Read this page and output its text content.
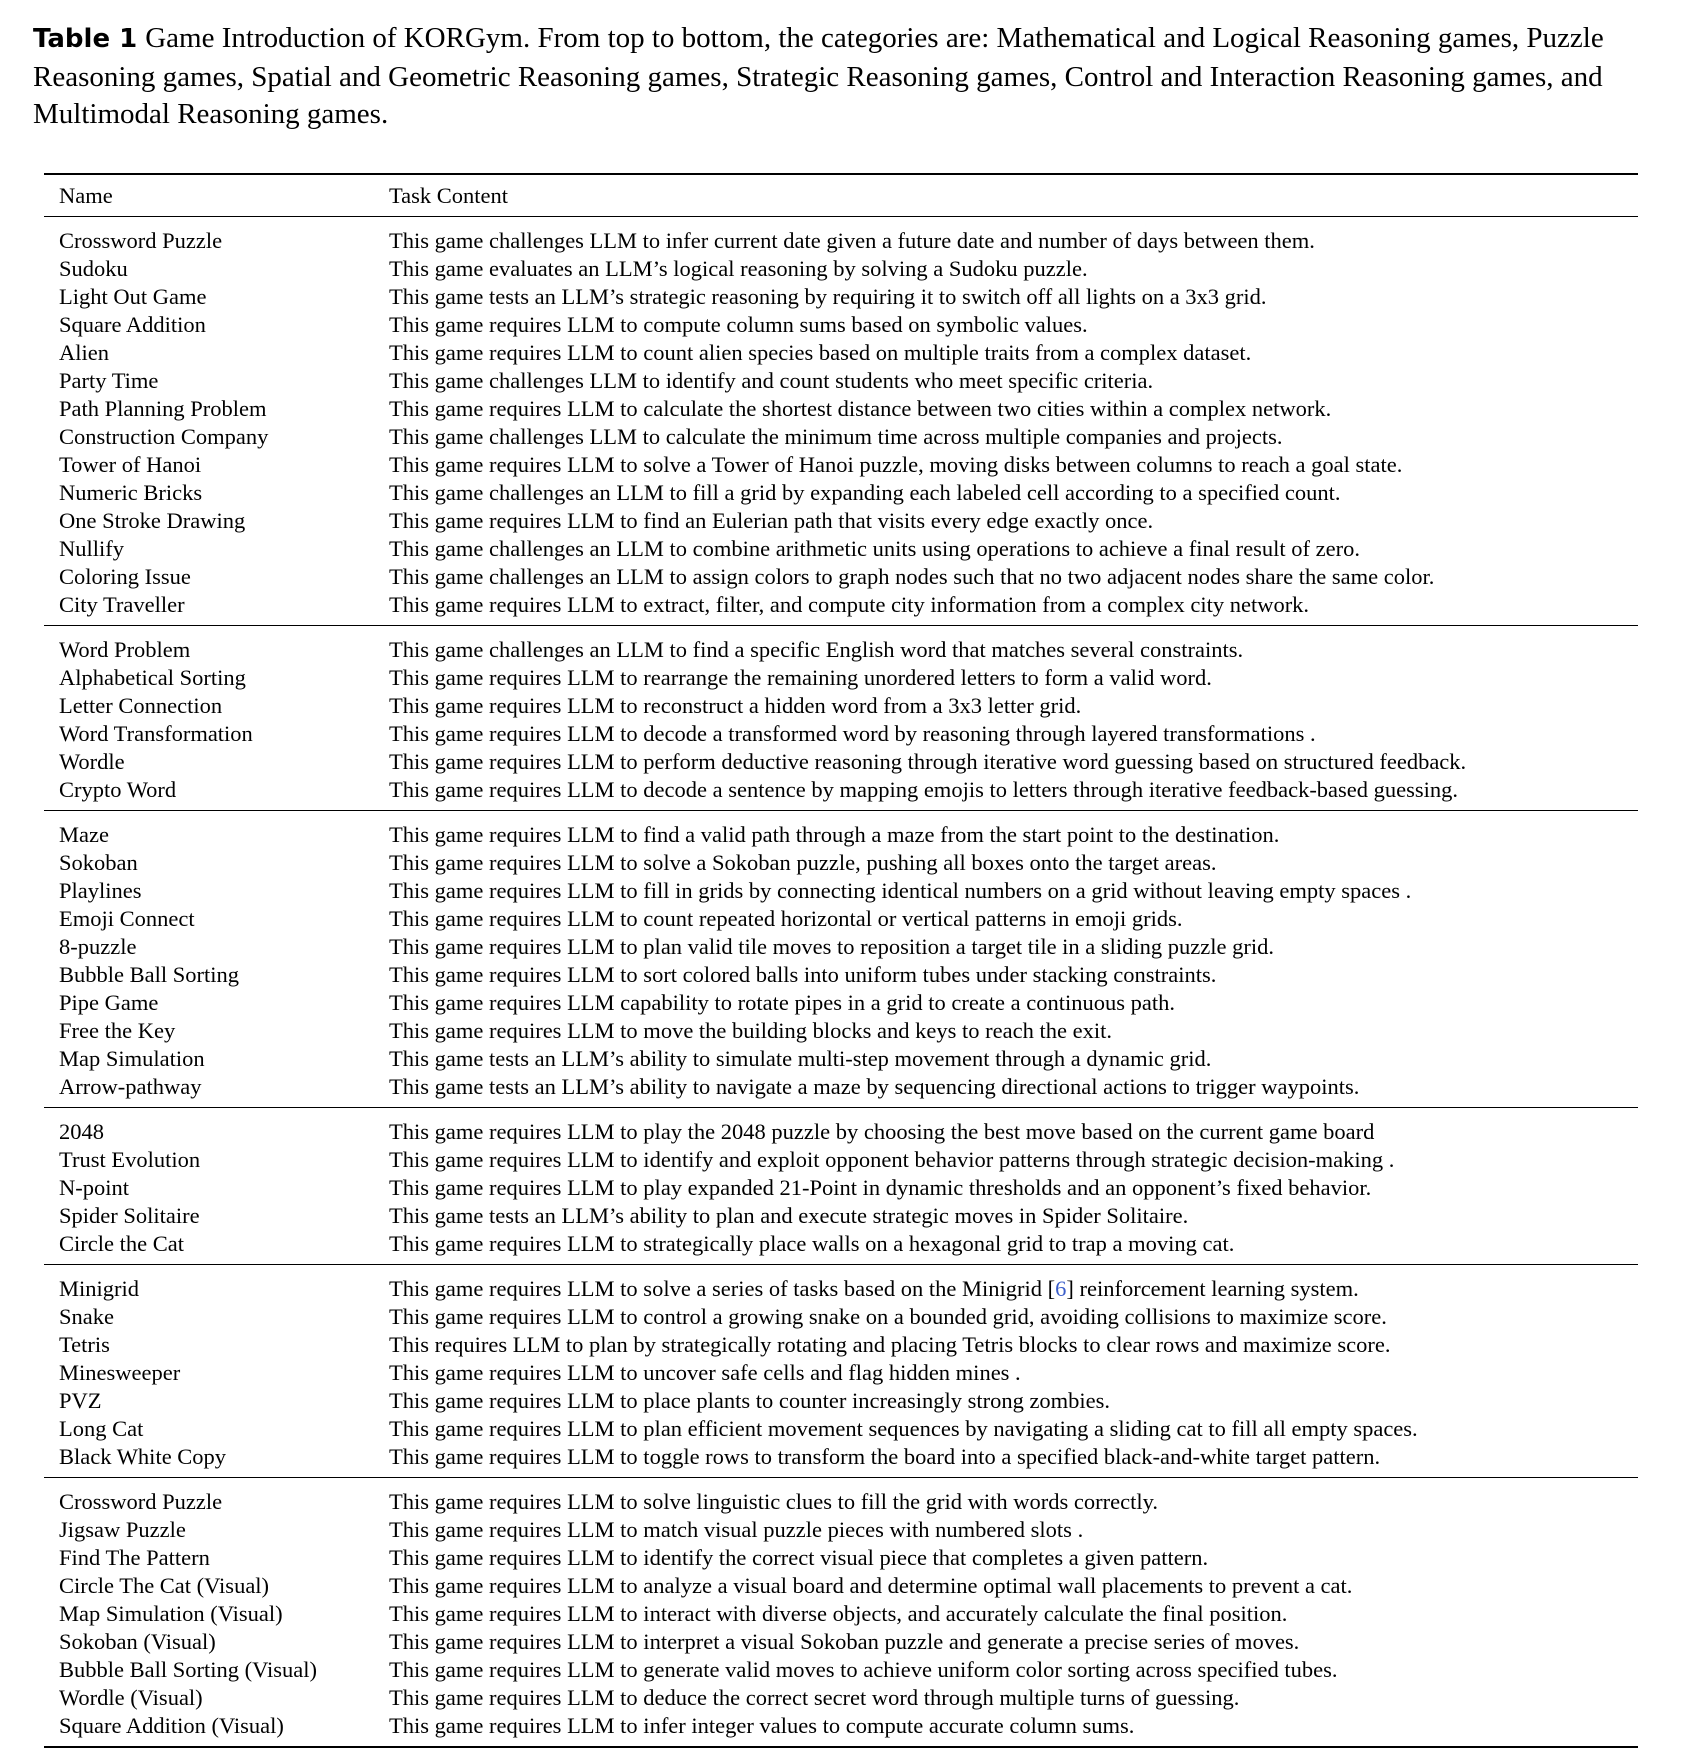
Table 1 Game Introduction of KORGym. From top to bottom, the categories are: Mathematical and Logical Reasoning games, Puzzle Reasoning games, Spatial and Geometric Reasoning games, Strategic Reasoning games, Control and Interaction Reasoning games, and Multimodal Reasoning games.
Name	Task Content
Crossword Puzzle	This game challenges LLM to infer current date given a future date and number of days between them.
Sudoku	This game evaluates an LLM’s logical reasoning by solving a Sudoku puzzle.
Light Out Game	This game tests an LLM’s strategic reasoning by requiring it to switch off all lights on a 3x3 grid.
Square Addition	This game requires LLM to compute column sums based on symbolic values.
Alien	This game requires LLM to count alien species based on multiple traits from a complex dataset.
Party Time	This game challenges LLM to identify and count students who meet specific criteria.
Path Planning Problem	This game requires LLM to calculate the shortest distance between two cities within a complex network.
Construction Company	This game challenges LLM to calculate the minimum time across multiple companies and projects.
Tower of Hanoi	This game requires LLM to solve a Tower of Hanoi puzzle, moving disks between columns to reach a goal state.
Numeric Bricks	This game challenges an LLM to fill a grid by expanding each labeled cell according to a specified count.
One Stroke Drawing	This game requires LLM to find an Eulerian path that visits every edge exactly once.
Nullify	This game challenges an LLM to combine arithmetic units using operations to achieve a final result of zero.
Coloring Issue	This game challenges an LLM to assign colors to graph nodes such that no two adjacent nodes share the same color.
City Traveller	This game requires LLM to extract, filter, and compute city information from a complex city network.
Word Problem	This game challenges an LLM to find a specific English word that matches several constraints.
Alphabetical Sorting	This game requires LLM to rearrange the remaining unordered letters to form a valid word.
Letter Connection	This game requires LLM to reconstruct a hidden word from a 3x3 letter grid.
Word Transformation	This game requires LLM to decode a transformed word by reasoning through layered transformations .
Wordle	This game requires LLM to perform deductive reasoning through iterative word guessing based on structured feedback.
Crypto Word	This game requires LLM to decode a sentence by mapping emojis to letters through iterative feedback-based guessing.
Maze	This game requires LLM to find a valid path through a maze from the start point to the destination.
Sokoban	This game requires LLM to solve a Sokoban puzzle, pushing all boxes onto the target areas.
Playlines	This game requires LLM to fill in grids by connecting identical numbers on a grid without leaving empty spaces .
Emoji Connect	This game requires LLM to count repeated horizontal or vertical patterns in emoji grids.
8-puzzle	This game requires LLM to plan valid tile moves to reposition a target tile in a sliding puzzle grid.
Bubble Ball Sorting	This game requires LLM to sort colored balls into uniform tubes under stacking constraints.
Pipe Game	This game requires LLM capability to rotate pipes in a grid to create a continuous path.
Free the Key	This game requires LLM to move the building blocks and keys to reach the exit.
Map Simulation	This game tests an LLM’s ability to simulate multi-step movement through a dynamic grid.
Arrow-pathway	This game tests an LLM’s ability to navigate a maze by sequencing directional actions to trigger waypoints.
2048	This game requires LLM to play the 2048 puzzle by choosing the best move based on the current game board
Trust Evolution	This game requires LLM to identify and exploit opponent behavior patterns through strategic decision-making .
N-point	This game requires LLM to play expanded 21-Point in dynamic thresholds and an opponent’s fixed behavior.
Spider Solitaire	This game tests an LLM’s ability to plan and execute strategic moves in Spider Solitaire.
Circle the Cat	This game requires LLM to strategically place walls on a hexagonal grid to trap a moving cat.
Minigrid	This game requires LLM to solve a series of tasks based on the Minigrid [6] reinforcement learning system.
Snake	This game requires LLM to control a growing snake on a bounded grid, avoiding collisions to maximize score.
Tetris	This requires LLM to plan by strategically rotating and placing Tetris blocks to clear rows and maximize score.
Minesweeper	This game requires LLM to uncover safe cells and flag hidden mines .
PVZ	This game requires LLM to place plants to counter increasingly strong zombies.
Long Cat	This game requires LLM to plan efficient movement sequences by navigating a sliding cat to fill all empty spaces.
Black White Copy	This game requires LLM to toggle rows to transform the board into a specified black-and-white target pattern.
Crossword Puzzle	This game requires LLM to solve linguistic clues to fill the grid with words correctly.
Jigsaw Puzzle	This game requires LLM to match visual puzzle pieces with numbered slots .
Find The Pattern	This game requires LLM to identify the correct visual piece that completes a given pattern.
Circle The Cat (Visual)	This game requires LLM to analyze a visual board and determine optimal wall placements to prevent a cat.
Map Simulation (Visual)	This game requires LLM to interact with diverse objects, and accurately calculate the final position.
Sokoban (Visual)	This game requires LLM to interpret a visual Sokoban puzzle and generate a precise series of moves.
Bubble Ball Sorting (Visual)	This game requires LLM to generate valid moves to achieve uniform color sorting across specified tubes.
Wordle (Visual)	This game requires LLM to deduce the correct secret word through multiple turns of guessing.
Square Addition (Visual)	This game requires LLM to infer integer values to compute accurate column sums.
